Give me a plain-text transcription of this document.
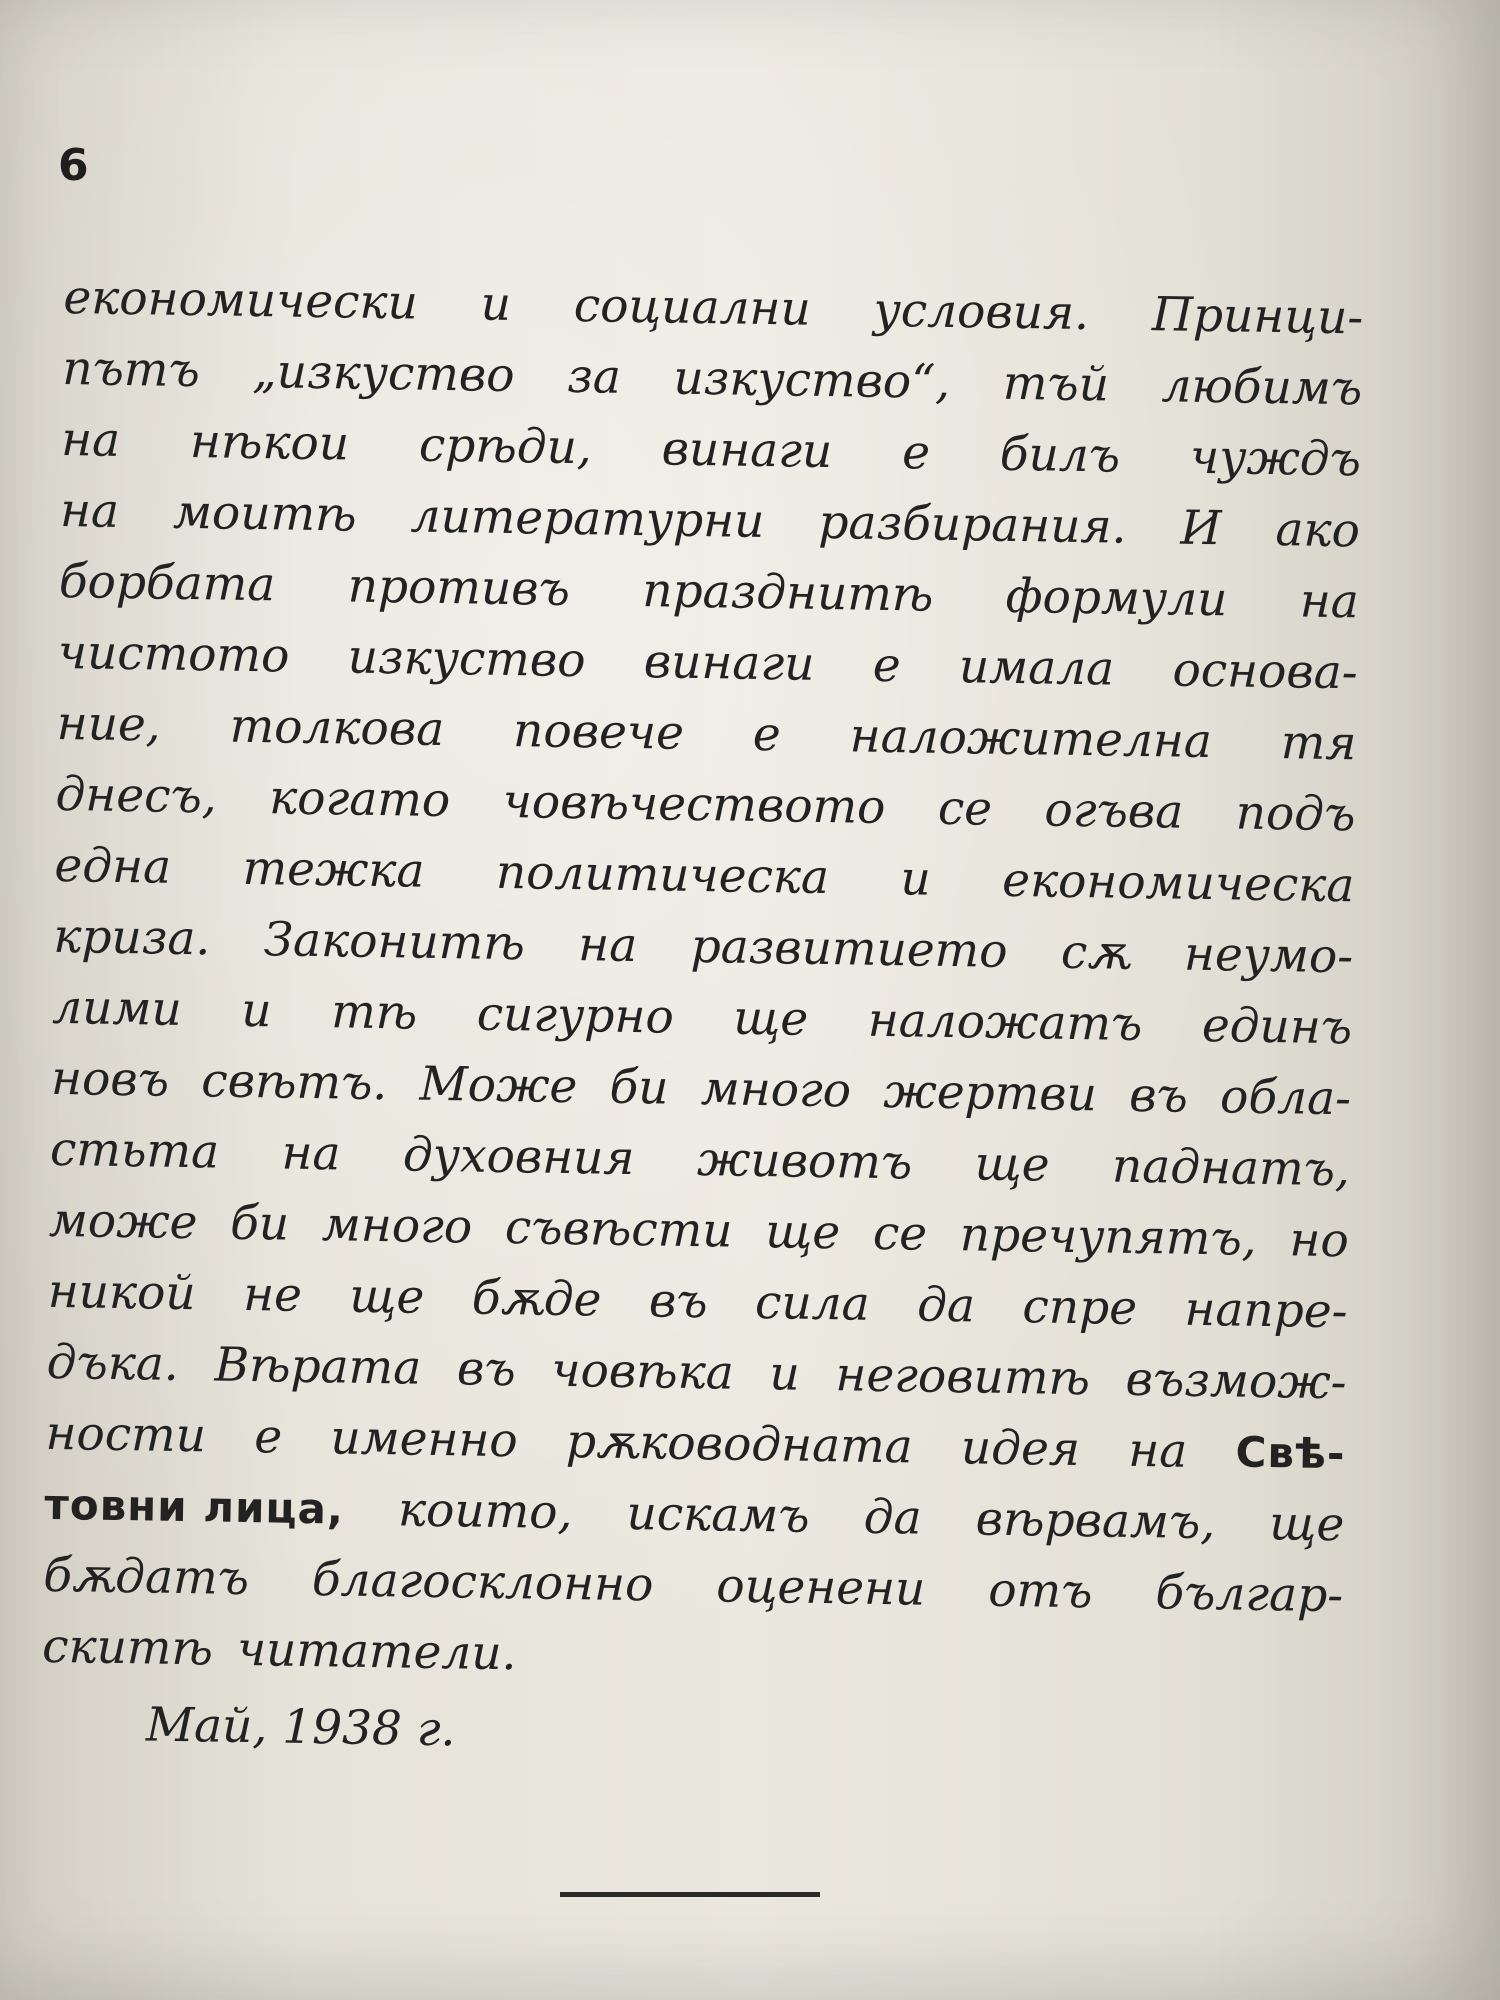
6
економически и социални условия. Принци-
пътъ „изкуство за изкуство“, тъй любимъ
на нѣкои срѣди, винаги е билъ чуждъ
на моитѣ литературни разбирания. И ако
борбата противъ празднитѣ формули на
чистото изкуство винаги е имала основа-
ние, толкова повече е наложителна тя
днесъ, когато човѣчеството се огъва подъ
една тежка политическа и економическа
криза. Законитѣ на развитието сѫ неумо-
лими и тѣ сигурно ще наложатъ единъ
новъ свѣтъ. Може би много жертви въ обла-
стьта на духовния животъ ще паднатъ,
може би много съвѣсти ще се пречупятъ, но
никой не ще бѫде въ сила да спре напре-
дъка. Вѣрата въ човѣка и неговитѣ възмож-
ности е именно рѫководната идея на Свѣ-
товни лица, които, искамъ да вѣрвамъ, ще
бѫдатъ благосклонно оценени отъ българ-
скитѣ читатели.
Май, 1938 г.
